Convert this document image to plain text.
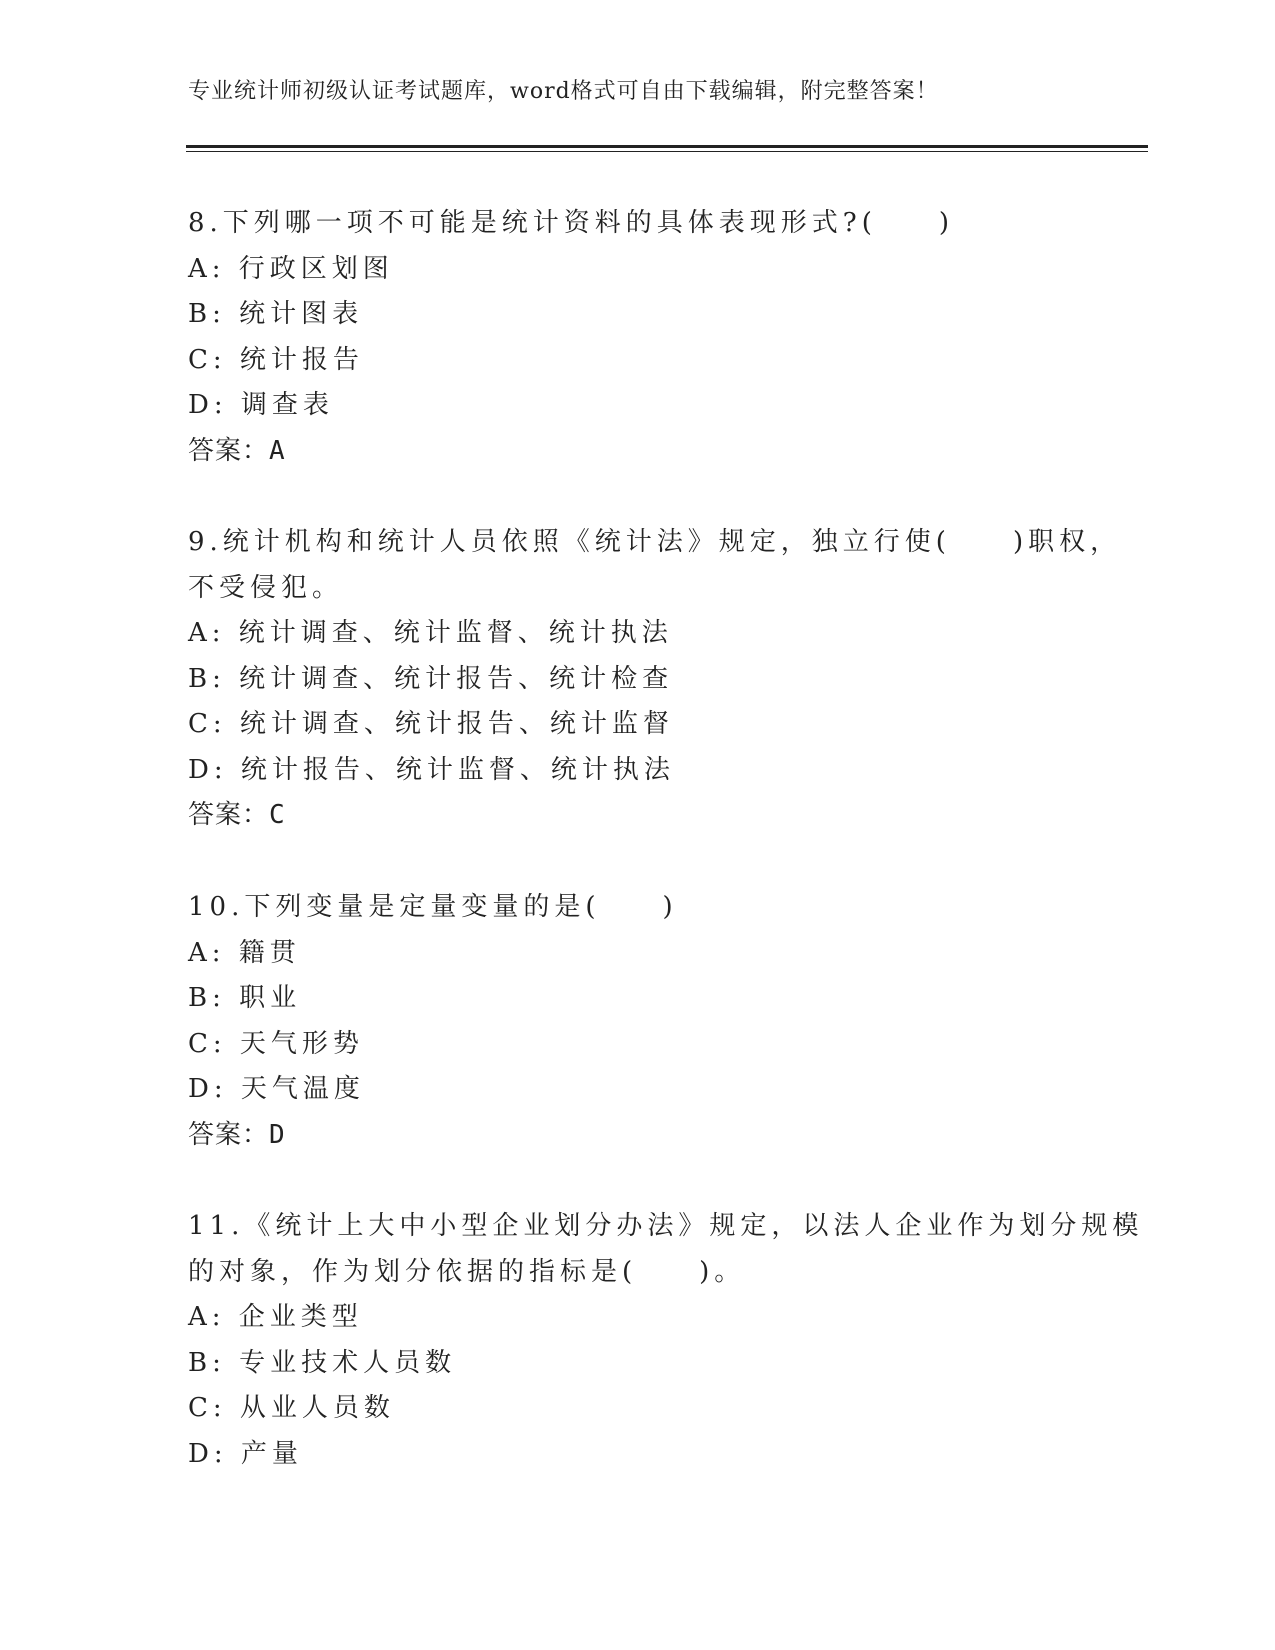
专业统计师初级认证考试题库，word格式可自由下载编辑，附完整答案！
8.下列哪一项不可能是统计资料的具体表现形式?(　　)
A: 行政区划图
B: 统计图表
C: 统计报告
D: 调查表
答案：A
9.统计机构和统计人员依照《统计法》规定，独立行使(　　)职权，
不受侵犯。
A: 统计调查、统计监督、统计执法
B: 统计调查、统计报告、统计检查
C: 统计调查、统计报告、统计监督
D: 统计报告、统计监督、统计执法
答案：C
10.下列变量是定量变量的是(　　)
A: 籍贯
B: 职业
C: 天气形势
D: 天气温度
答案：D
11.《统计上大中小型企业划分办法》规定，以法人企业作为划分规模
的对象，作为划分依据的指标是(　　)。
A: 企业类型
B: 专业技术人员数
C: 从业人员数
D: 产量
